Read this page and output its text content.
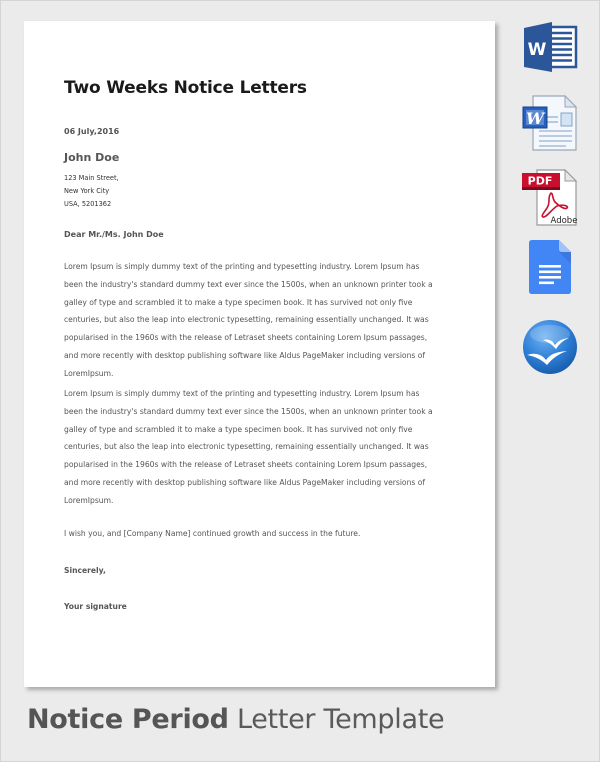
Two Weeks Notice Letters
06 July,2016
John Doe
123 Main Street,
New York City
USA, 5201362
Dear Mr./Ms. John Doe
Lorem Ipsum is simply dummy text of the printing and typesetting industry. Lorem Ipsum has
been the industry's standard dummy text ever since the 1500s, when an unknown printer took a
galley of type and scrambled it to make a type specimen book. It has survived not only five
centuries, but also the leap into electronic typesetting, remaining essentially unchanged. It was
popularised in the 1960s with the release of Letraset sheets containing Lorem Ipsum passages,
and more recently with desktop publishing software like Aldus PageMaker including versions of
LoremIpsum.
Lorem Ipsum is simply dummy text of the printing and typesetting industry. Lorem Ipsum has
been the industry's standard dummy text ever since the 1500s, when an unknown printer took a
galley of type and scrambled it to make a type specimen book. It has survived not only five
centuries, but also the leap into electronic typesetting, remaining essentially unchanged. It was
popularised in the 1960s with the release of Letraset sheets containing Lorem Ipsum passages,
and more recently with desktop publishing software like Aldus PageMaker including versions of
LoremIpsum.
I wish you, and [Company Name] continued growth and success in the future.
Sincerely,
Your signature
W
W
PDF
Adobe
Notice Period Letter Template
